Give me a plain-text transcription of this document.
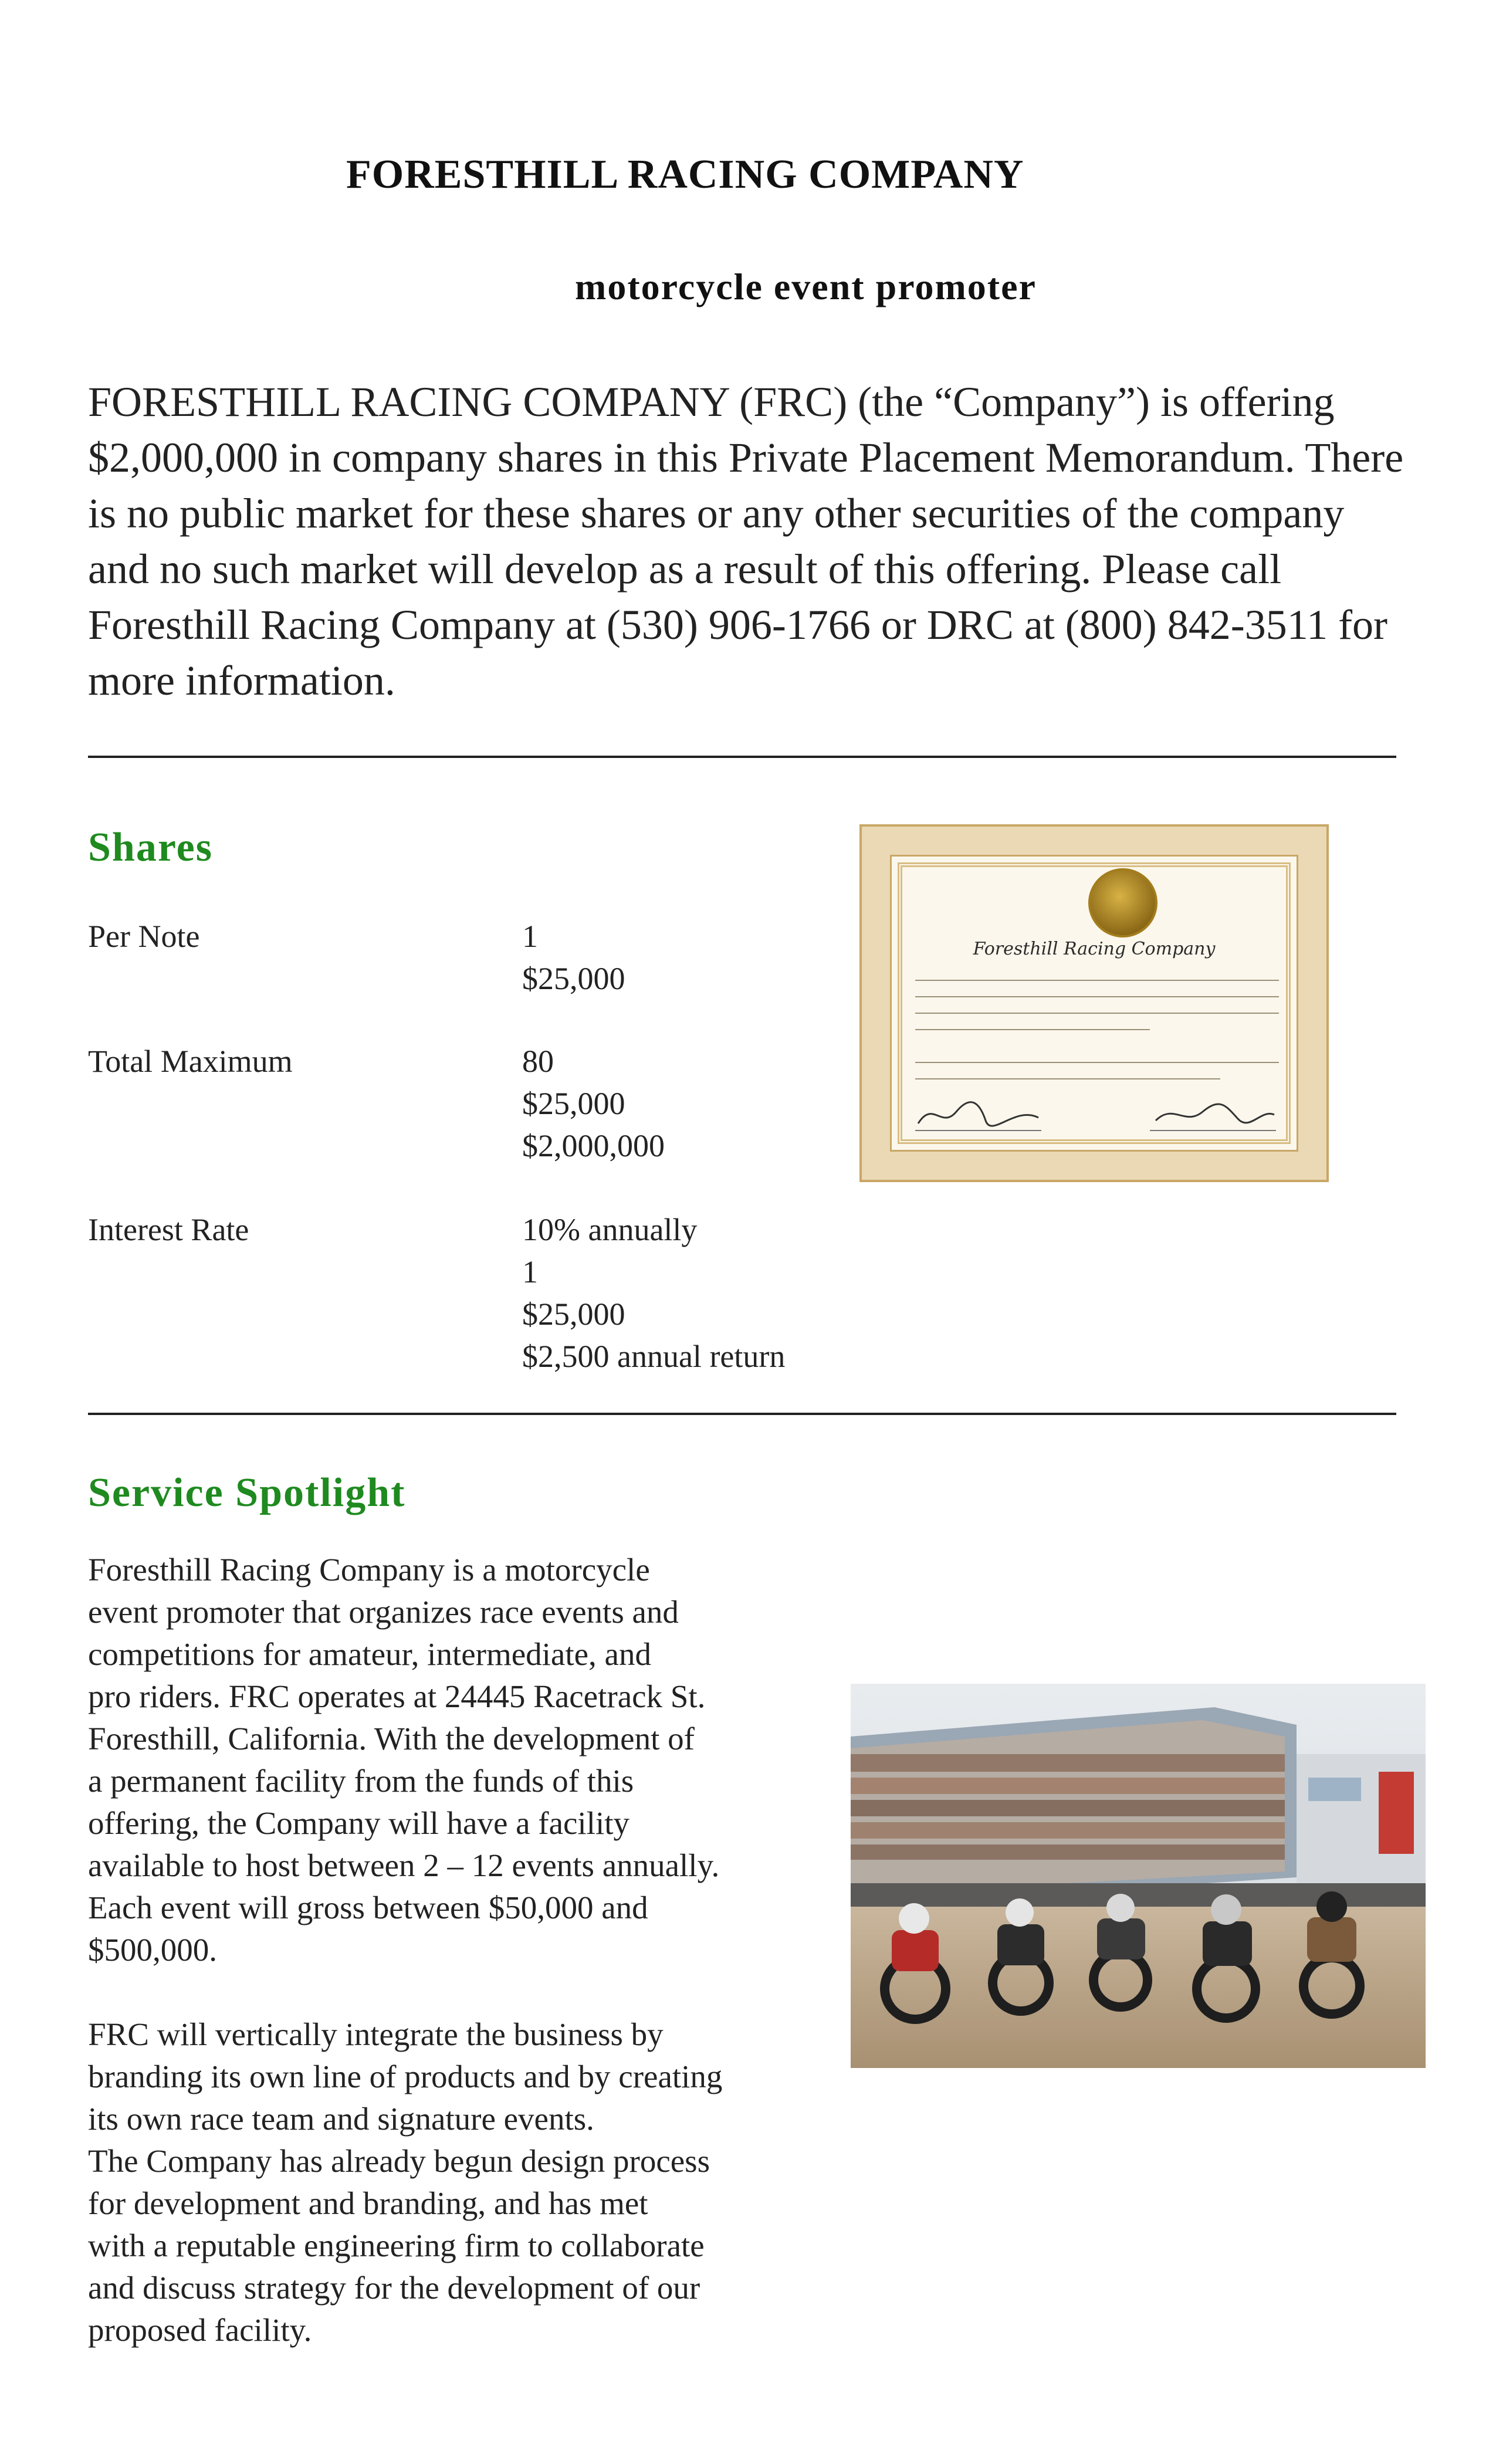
FORESTHILL RACING COMPANY
motorcycle event promoter

FORESTHILL RACING COMPANY (FRC) (the “Company”) is offering $2,000,000 in company shares in this Private Placement Memorandum. There is no public market for these shares or any other securities of the company and no such market will develop as a result of this offering. Please call Foresthill Racing Company at (530) 906-1766 or DRC at (800) 842-3511 for more information.

Shares
Per Note	1
$25,000
Total Maximum	80
$25,000
$2,000,000
Interest Rate	10% annually
1
$25,000
$2,500 annual return
Foresthill Racing Company
Service Spotlight

Foresthill Racing Company is a motorcycle

event promoter that organizes race events and

competitions for amateur, intermediate, and

pro riders. FRC operates at 24445 Racetrack St.

Foresthill, California. With the development of

a permanent facility from the funds of this

offering, the Company will have a facility

available to host between 2 – 12 events annually.

Each event will gross between $50,000 and

$500,000.

FRC will vertically integrate the business by

branding its own line of products and by creating

its own race team and signature events.

The Company has already begun design process

for development and branding, and has met

with a reputable engineering firm to collaborate

and discuss strategy for the development of our

proposed facility.
